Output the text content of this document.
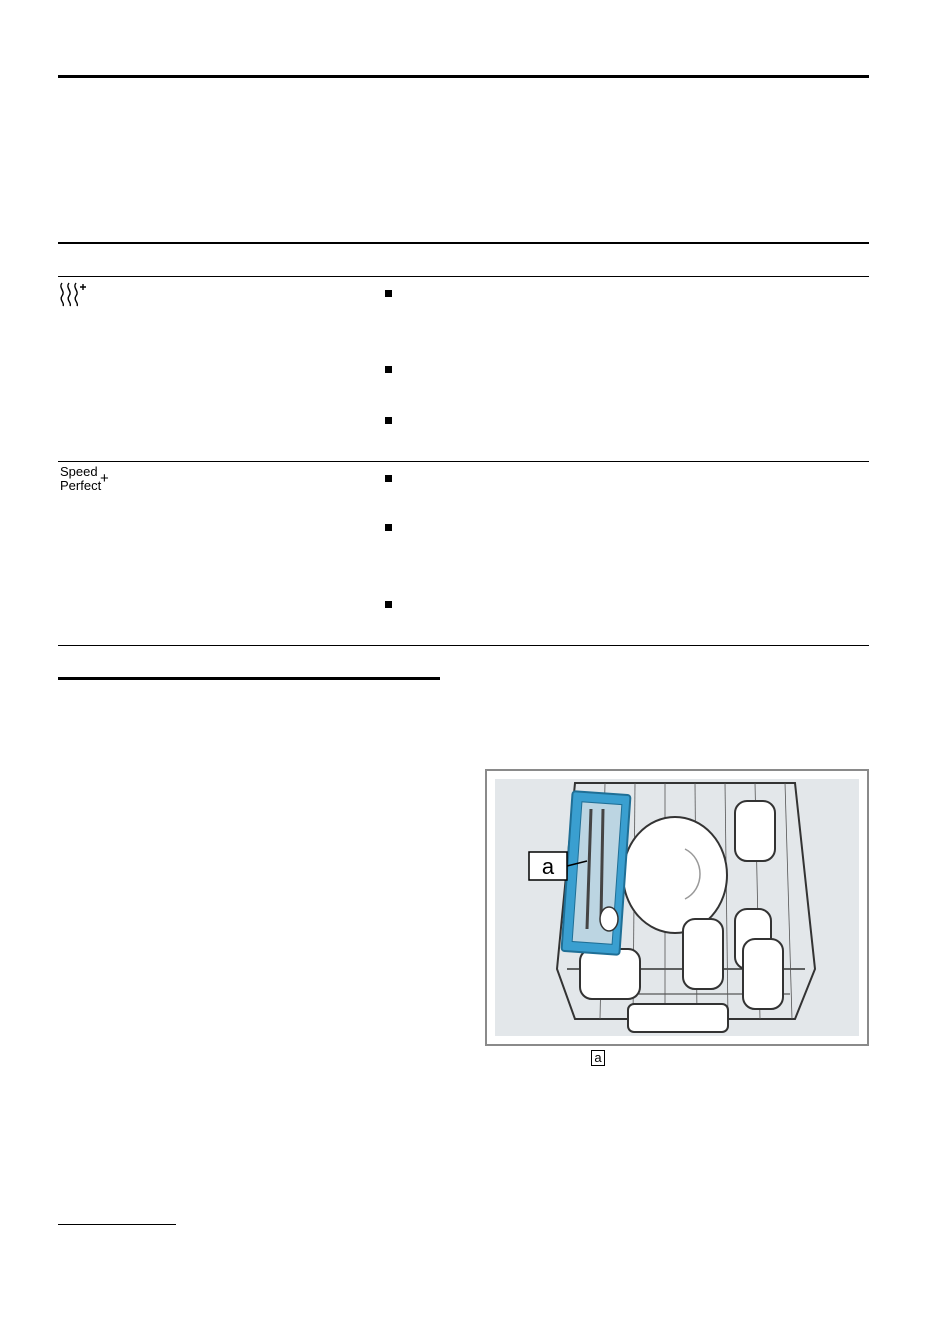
Speed
Perfect
+
a
a
